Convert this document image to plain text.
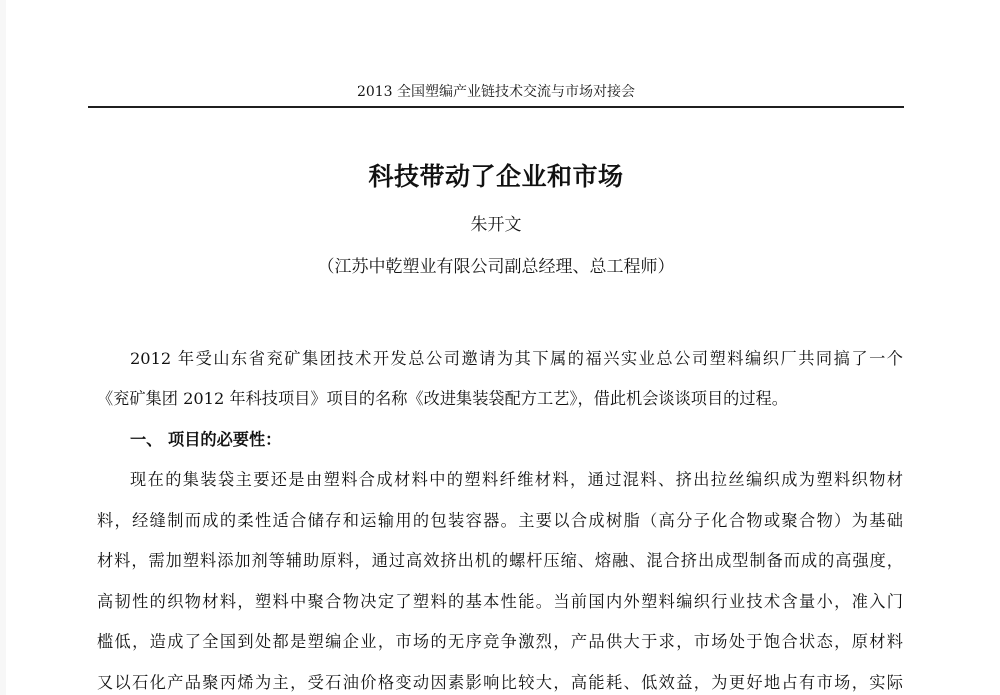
2013 全国塑编产业链技术交流与市场对接会
科技带动了企业和市场
朱开文
（江苏中乾塑业有限公司副总经理、总工程师）
2012 年受山东省兖矿集团技术开发总公司邀请为其下属的福兴实业总公司塑料编织厂共同搞了一个
《兖矿集团 2012 年科技项目》项目的名称《改进集装袋配方工艺》，借此机会谈谈项目的过程。
一、 项目的必要性：
现在的集装袋主要还是由塑料合成材料中的塑料纤维材料，通过混料、挤出拉丝编织成为塑料织物材
料，经缝制而成的柔性适合储存和运输用的包装容器。主要以合成树脂（高分子化合物或聚合物）为基础
材料，需加塑料添加剂等辅助原料，通过高效挤出机的螺杆压缩、熔融、混合挤出成型制备而成的高强度，
高韧性的织物材料，塑料中聚合物决定了塑料的基本性能。当前国内外塑料编织行业技术含量小，准入门
槛低，造成了全国到处都是塑编企业，市场的无序竞争激烈，产品供大于求，市场处于饱合状态，原材料
又以石化产品聚丙烯为主，受石油价格变动因素影响比较大，高能耗、低效益，为更好地占有市场，实际
